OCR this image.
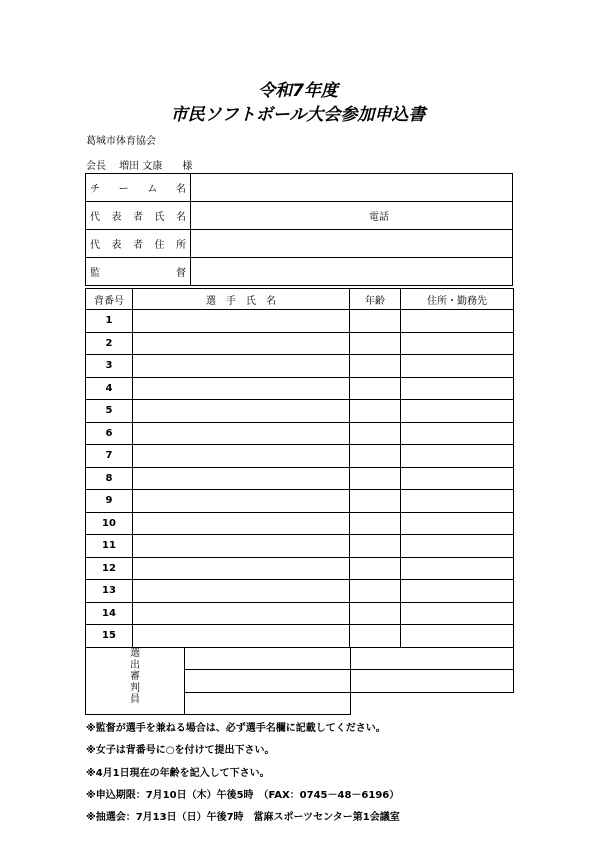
令和7年度
市民ソフトボール大会参加申込書
葛城市体育協会
会長　 増田 文康　　様
チ ー ム 名	

代 表 者 氏 名	電話

代 表 者 住 所	

監 督	

背番号	選　手　氏　名	年齢	住所・勤務先
1			
2			
3			
4			
5			
6			
7			
8			
9			
10			
11			
12			
13			
14			
15			
選
出
審
判
員		

※監督が選手を兼ねる場合は、必ず選手名欄に記載してください。
※女子は背番号に○を付けて提出下さい。
※4月1日現在の年齢を記入して下さい。
※申込期限：7月10日（木）午後5時　（FAX：0745－48－6196）
※抽選会：7月13日（日）午後7時　當麻スポーツセンター第1会議室
